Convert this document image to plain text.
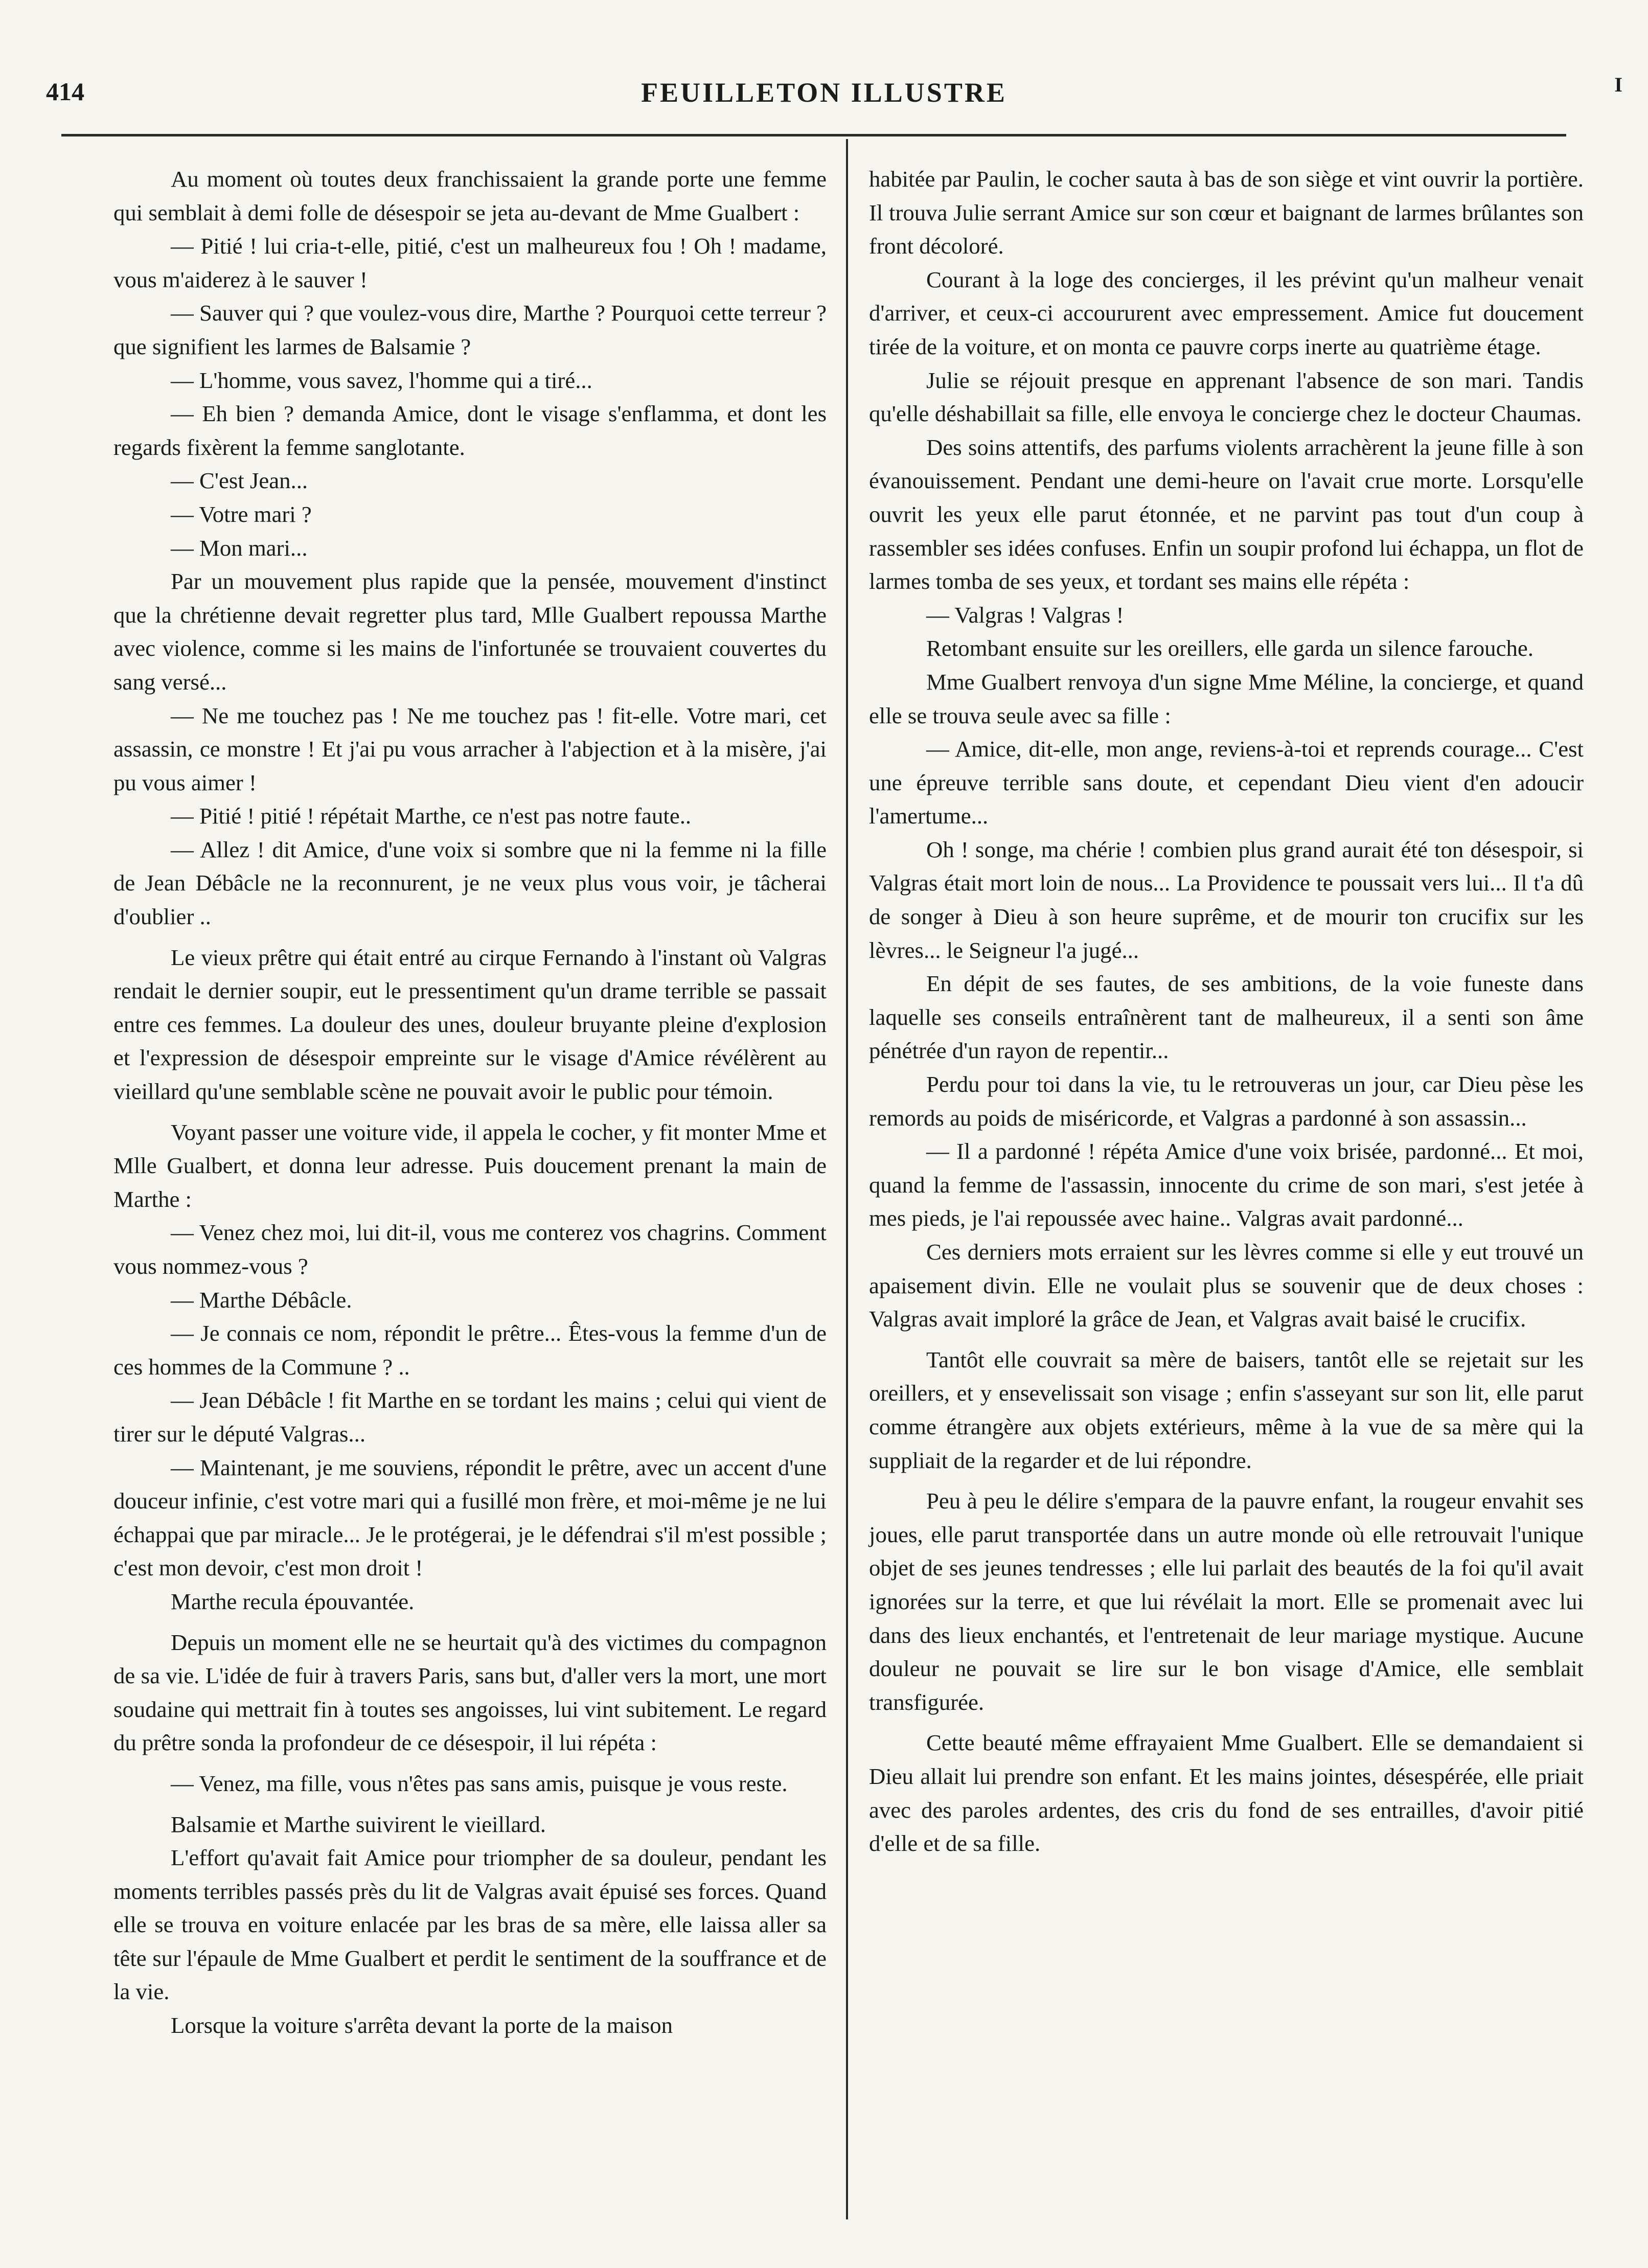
414	FEUILLETON ILLUSTRE	I

Au moment où toutes deux franchissaient la grande porte une femme qui semblait à demi folle de désespoir se jeta au-devant de Mme Gualbert :

— Pitié ! lui cria-t-elle, pitié, c'est un malheureux fou ! Oh ! madame, vous m'aiderez à le sauver !

— Sauver qui ? que voulez-vous dire, Marthe ? Pourquoi cette terreur ? que signifient les larmes de Balsamie ?

— L'homme, vous savez, l'homme qui a tiré...

— Eh bien ? demanda Amice, dont le visage s'enflamma, et dont les regards fixèrent la femme sanglotante.

— C'est Jean...

— Votre mari ?

— Mon mari...

Par un mouvement plus rapide que la pensée, mouvement d'instinct que la chrétienne devait regretter plus tard, Mlle Gualbert repoussa Marthe avec violence, comme si les mains de l'infortunée se trouvaient couvertes du sang versé...

— Ne me touchez pas ! Ne me touchez pas ! fit-elle. Votre mari, cet assassin, ce monstre ! Et j'ai pu vous arracher à l'abjection et à la misère, j'ai pu vous aimer !

— Pitié ! pitié ! répétait Marthe, ce n'est pas notre faute..

— Allez ! dit Amice, d'une voix si sombre que ni la femme ni la fille de Jean Débâcle ne la reconnurent, je ne veux plus vous voir, je tâcherai d'oublier ..

Le vieux prêtre qui était entré au cirque Fernando à l'instant où Valgras rendait le dernier soupir, eut le pressentiment qu'un drame terrible se passait entre ces femmes. La douleur des unes, douleur bruyante pleine d'explosion et l'expression de désespoir empreinte sur le visage d'Amice révélèrent au vieillard qu'une semblable scène ne pouvait avoir le public pour témoin.

Voyant passer une voiture vide, il appela le cocher, y fit monter Mme et Mlle Gualbert, et donna leur adresse. Puis doucement prenant la main de Marthe :

— Venez chez moi, lui dit-il, vous me conterez vos chagrins. Comment vous nommez-vous ?

— Marthe Débâcle.

— Je connais ce nom, répondit le prêtre... Êtes-vous la femme d'un de ces hommes de la Commune ? ..

— Jean Débâcle ! fit Marthe en se tordant les mains ; celui qui vient de tirer sur le député Valgras...

— Maintenant, je me souviens, répondit le prêtre, avec un accent d'une douceur infinie, c'est votre mari qui a fusillé mon frère, et moi-même je ne lui échappai que par miracle... Je le protégerai, je le défendrai s'il m'est possible ; c'est mon devoir, c'est mon droit !

Marthe recula épouvantée.

Depuis un moment elle ne se heurtait qu'à des victimes du compagnon de sa vie. L'idée de fuir à travers Paris, sans but, d'aller vers la mort, une mort soudaine qui mettrait fin à toutes ses angoisses, lui vint subitement. Le regard du prêtre sonda la profondeur de ce désespoir, il lui répéta :

— Venez, ma fille, vous n'êtes pas sans amis, puisque je vous reste.

Balsamie et Marthe suivirent le vieillard.

L'effort qu'avait fait Amice pour triompher de sa douleur, pendant les moments terribles passés près du lit de Valgras avait épuisé ses forces. Quand elle se trouva en voiture enlacée par les bras de sa mère, elle laissa aller sa tête sur l'épaule de Mme Gualbert et perdit le sentiment de la souffrance et de la vie.

Lorsque la voiture s'arrêta devant la porte de la maison

habitée par Paulin, le cocher sauta à bas de son siège et vint ouvrir la portière. Il trouva Julie serrant Amice sur son cœur et baignant de larmes brûlantes son front décoloré.

Courant à la loge des concierges, il les prévint qu'un malheur venait d'arriver, et ceux-ci accoururent avec empressement. Amice fut doucement tirée de la voiture, et on monta ce pauvre corps inerte au quatrième étage.

Julie se réjouit presque en apprenant l'absence de son mari. Tandis qu'elle déshabillait sa fille, elle envoya le concierge chez le docteur Chaumas.

Des soins attentifs, des parfums violents arrachèrent la jeune fille à son évanouissement. Pendant une demi-heure on l'avait crue morte. Lorsqu'elle ouvrit les yeux elle parut étonnée, et ne parvint pas tout d'un coup à rassembler ses idées confuses. Enfin un soupir profond lui échappa, un flot de larmes tomba de ses yeux, et tordant ses mains elle répéta :

— Valgras ! Valgras !

Retombant ensuite sur les oreillers, elle garda un silence farouche.

Mme Gualbert renvoya d'un signe Mme Méline, la concierge, et quand elle se trouva seule avec sa fille :

— Amice, dit-elle, mon ange, reviens-à-toi et reprends courage... C'est une épreuve terrible sans doute, et cependant Dieu vient d'en adoucir l'amertume...

Oh ! songe, ma chérie ! combien plus grand aurait été ton désespoir, si Valgras était mort loin de nous... La Providence te poussait vers lui... Il t'a dû de songer à Dieu à son heure suprême, et de mourir ton crucifix sur les lèvres... le Seigneur l'a jugé...

En dépit de ses fautes, de ses ambitions, de la voie funeste dans laquelle ses conseils entraînèrent tant de malheureux, il a senti son âme pénétrée d'un rayon de repentir...

Perdu pour toi dans la vie, tu le retrouveras un jour, car Dieu pèse les remords au poids de miséricorde, et Valgras a pardonné à son assassin...

— Il a pardonné ! répéta Amice d'une voix brisée, pardonné... Et moi, quand la femme de l'assassin, innocente du crime de son mari, s'est jetée à mes pieds, je l'ai repoussée avec haine.. Valgras avait pardonné...

Ces derniers mots erraient sur les lèvres comme si elle y eut trouvé un apaisement divin. Elle ne voulait plus se souvenir que de deux choses : Valgras avait imploré la grâce de Jean, et Valgras avait baisé le crucifix.

Tantôt elle couvrait sa mère de baisers, tantôt elle se rejetait sur les oreillers, et y ensevelissait son visage ; enfin s'asseyant sur son lit, elle parut comme étrangère aux objets extérieurs, même à la vue de sa mère qui la suppliait de la regarder et de lui répondre.

Peu à peu le délire s'empara de la pauvre enfant, la rougeur envahit ses joues, elle parut transportée dans un autre monde où elle retrouvait l'unique objet de ses jeunes tendresses ; elle lui parlait des beautés de la foi qu'il avait ignorées sur la terre, et que lui révélait la mort. Elle se promenait avec lui dans des lieux enchantés, et l'entretenait de leur mariage mystique. Aucune douleur ne pouvait se lire sur le bon visage d'Amice, elle semblait transfigurée.

Cette beauté même effrayaient Mme Gualbert. Elle se demandaient si Dieu allait lui prendre son enfant. Et les mains jointes, désespérée, elle priait avec des paroles ardentes, des cris du fond de ses entrailles, d'avoir pitié d'elle et de sa fille.
